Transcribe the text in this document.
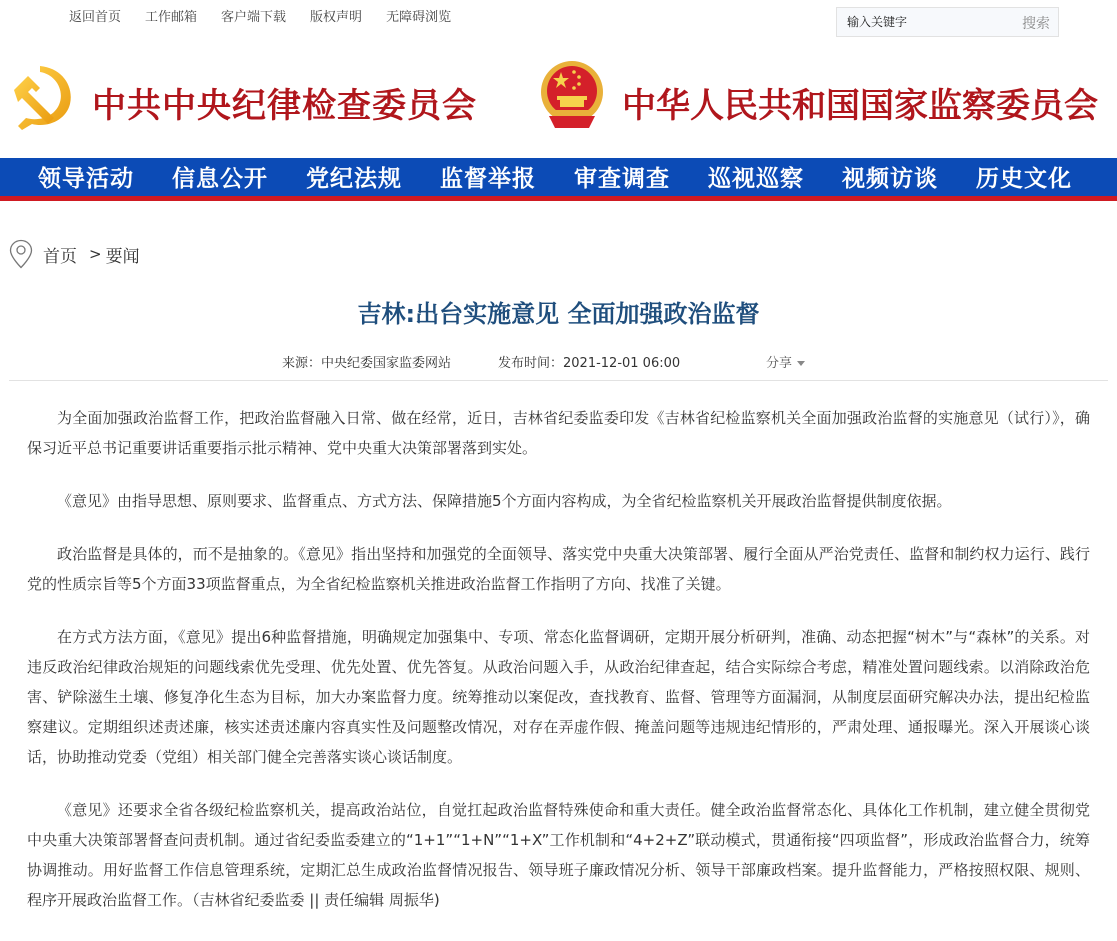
返回首页 工作邮箱 客户端下载 版权声明 无障碍浏览
输入关键字	搜索
中共中央纪律检查委员会	中华人民共和国国家监察委员会
领导活动 信息公开 党纪法规 监督举报 审查调查 巡视巡察 视频访谈 历史文化
首页 > 要闻
吉林:出台实施意见 全面加强政治监督
来源：中央纪委国家监委网站	发布时间：2021-12-01 06:00	分享

为全面加强政治监督工作，把政治监督融入日常、做在经常，近日，吉林省纪委监委印发《吉林省纪检监察机关全面加强政治监督的实施意见（试行）》，确保习近平总书记重要讲话重要指示批示精神、党中央重大决策部署落到实处。

《意见》由指导思想、原则要求、监督重点、方式方法、保障措施5个方面内容构成，为全省纪检监察机关开展政治监督提供制度依据。

政治监督是具体的，而不是抽象的。《意见》指出坚持和加强党的全面领导、落实党中央重大决策部署、履行全面从严治党责任、监督和制约权力运行、践行党的性质宗旨等5个方面33项监督重点，为全省纪检监察机关推进政治监督工作指明了方向、找准了关键。

在方式方法方面，《意见》提出6种监督措施，明确规定加强集中、专项、常态化监督调研，定期开展分析研判，准确、动态把握“树木”与“森林”的关系。对违反政治纪律政治规矩的问题线索优先受理、优先处置、优先答复。从政治问题入手，从政治纪律查起，结合实际综合考虑，精准处置问题线索。以消除政治危害、铲除滋生土壤、修复净化生态为目标，加大办案监督力度。统筹推动以案促改，查找教育、监督、管理等方面漏洞，从制度层面研究解决办法，提出纪检监察建议。定期组织述责述廉，核实述责述廉内容真实性及问题整改情况，对存在弄虚作假、掩盖问题等违规违纪情形的，严肃处理、通报曝光。深入开展谈心谈话，协助推动党委（党组）相关部门健全完善落实谈心谈话制度。

《意见》还要求全省各级纪检监察机关，提高政治站位，自觉扛起政治监督特殊使命和重大责任。健全政治监督常态化、具体化工作机制，建立健全贯彻党中央重大决策部署督查问责机制。通过省纪委监委建立的“1+1”“1+N”“1+X”工作机制和“4+2+Z”联动模式，贯通衔接“四项监督”，形成政治监督合力，统筹协调推动。用好监督工作信息管理系统，定期汇总生成政治监督情况报告、领导班子廉政情况分析、领导干部廉政档案。提升监督能力，严格按照权限、规则、程序开展政治监督工作。（吉林省纪委监委 || 责任编辑 周振华)
